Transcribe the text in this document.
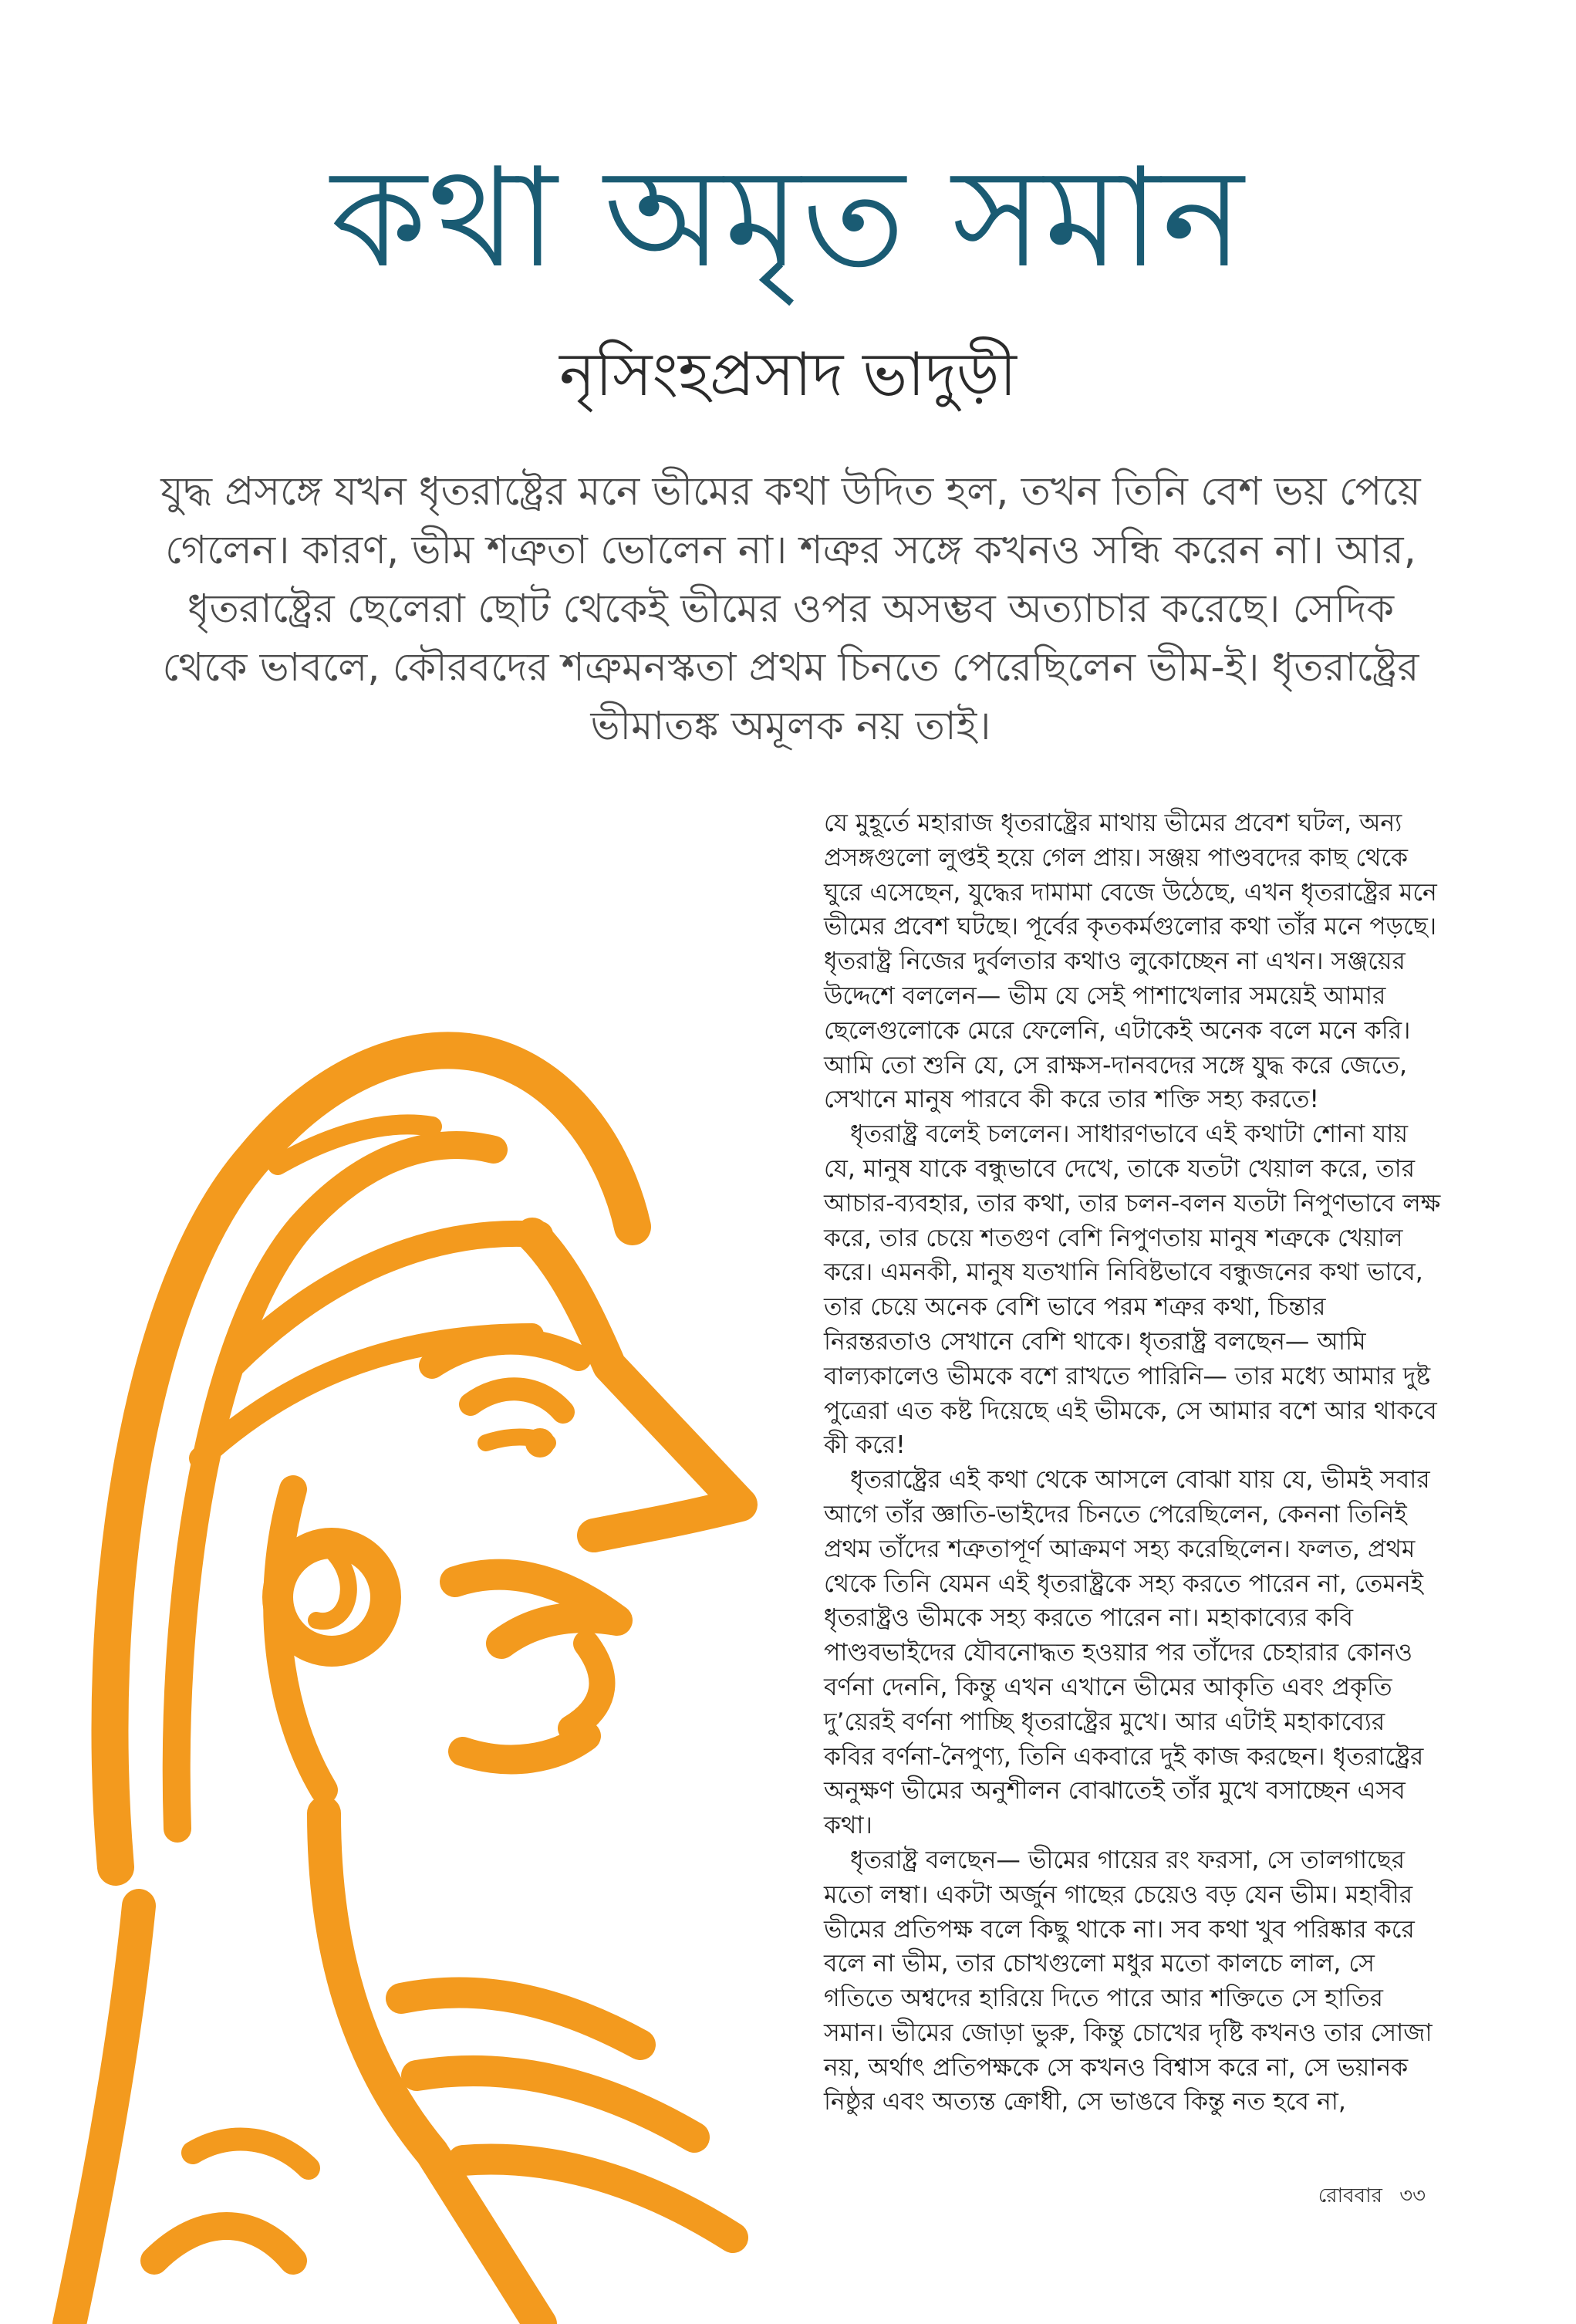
কথা অমৃত সমান
নৃসিংহপ্রসাদ ভাদুড়ী
যুদ্ধ প্রসঙ্গে যখন ধৃতরাষ্ট্রের মনে ভীমের কথা উদিত হল, তখন তিনি বেশ ভয় পেয়ে গেলেন। কারণ, ভীম শত্রুতা ভোলেন না। শত্রুর সঙ্গে কখনও সন্ধি করেন না। আর, ধৃতরাষ্ট্রের ছেলেরা ছোট থেকেই ভীমের ওপর অসম্ভব অত্যাচার করেছে। সেদিক থেকে ভাবলে, কৌরবদের শত্রুমনস্কতা প্রথম চিনতে পেরেছিলেন ভীম-ই। ধৃতরাষ্ট্রের ভীমাতঙ্ক অমূলক নয় তাই।

যে মুহূর্তে মহারাজ ধৃতরাষ্ট্রের মাথায় ভীমের প্রবেশ ঘটল, অন্য প্রসঙ্গগুলো লুপ্তই হয়ে গেল প্রায়। সঞ্জয় পাণ্ডবদের কাছ থেকে ঘুরে এসেছেন, যুদ্ধের দামামা বেজে উঠেছে, এখন ধৃতরাষ্ট্রের মনে ভীমের প্রবেশ ঘটছে। পূর্বের কৃতকর্মগুলোর কথা তাঁর মনে পড়ছে। ধৃতরাষ্ট্র নিজের দুর্বলতার কথাও লুকোচ্ছেন না এখন। সঞ্জয়ের উদ্দেশে বললেন— ভীম যে সেই পাশাখেলার সময়েই আমার ছেলেগুলোকে মেরে ফেলেনি, এটাকেই অনেক বলে মনে করি। আমি তো শুনি যে, সে রাক্ষস-দানবদের সঙ্গে যুদ্ধ করে জেতে, সেখানে মানুষ পারবে কী করে তার শক্তি সহ্য করতে!

ধৃতরাষ্ট্র বলেই চললেন। সাধারণভাবে এই কথাটা শোনা যায় যে, মানুষ যাকে বন্ধুভাবে দেখে, তাকে যতটা খেয়াল করে, তার আচার-ব্যবহার, তার কথা, তার চলন-বলন যতটা নিপুণভাবে লক্ষ করে, তার চেয়ে শতগুণ বেশি নিপুণতায় মানুষ শত্রুকে খেয়াল করে। এমনকী, মানুষ যতখানি নিবিষ্টভাবে বন্ধুজনের কথা ভাবে, তার চেয়ে অনেক বেশি ভাবে পরম শত্রুর কথা, চিন্তার নিরন্তরতাও সেখানে বেশি থাকে। ধৃতরাষ্ট্র বলছেন— আমি বাল্যকালেও ভীমকে বশে রাখতে পারিনি— তার মধ্যে আমার দুষ্ট পুত্রেরা এত কষ্ট দিয়েছে এই ভীমকে, সে আমার বশে আর থাকবে কী করে!

ধৃতরাষ্ট্রের এই কথা থেকে আসলে বোঝা যায় যে, ভীমই সবার আগে তাঁর জ্ঞাতি-ভাইদের চিনতে পেরেছিলেন, কেননা তিনিই প্রথম তাঁদের শত্রুতাপূর্ণ আক্রমণ সহ্য করেছিলেন। ফলত, প্রথম থেকে তিনি যেমন এই ধৃতরাষ্ট্রকে সহ্য করতে পারেন না, তেমনই ধৃতরাষ্ট্রও ভীমকে সহ্য করতে পারেন না। মহাকাব্যের কবি পাণ্ডবভাইদের যৌবনোদ্ধত হওয়ার পর তাঁদের চেহারার কোনও বর্ণনা দেননি, কিন্তু এখন এখানে ভীমের আকৃতি এবং প্রকৃতি দু’য়েরই বর্ণনা পাচ্ছি ধৃতরাষ্ট্রের মুখে। আর এটাই মহাকাব্যের কবির বর্ণনা-নৈপুণ্য, তিনি একবারে দুই কাজ করছেন। ধৃতরাষ্ট্রের অনুক্ষণ ভীমের অনুশীলন বোঝাতেই তাঁর মুখে বসাচ্ছেন এসব কথা।

ধৃতরাষ্ট্র বলছেন— ভীমের গায়ের রং ফরসা, সে তালগাছের মতো লম্বা। একটা অর্জুন গাছের চেয়েও বড় যেন ভীম। মহাবীর ভীমের প্রতিপক্ষ বলে কিছু থাকে না। সব কথা খুব পরিষ্কার করে বলে না ভীম, তার চোখগুলো মধুর মতো কালচে লাল, সে গতিতে অশ্বদের হারিয়ে দিতে পারে আর শক্তিতে সে হাতির সমান। ভীমের জোড়া ভুরু, কিন্তু চোখের দৃষ্টি কখনও তার সোজা নয়, অর্থাৎ প্রতিপক্ষকে সে কখনও বিশ্বাস করে না, সে ভয়ানক নিষ্ঠুর এবং অত্যন্ত ক্রোধী, সে ভাঙবে কিন্তু নত হবে না,

রোববার ৩৩
